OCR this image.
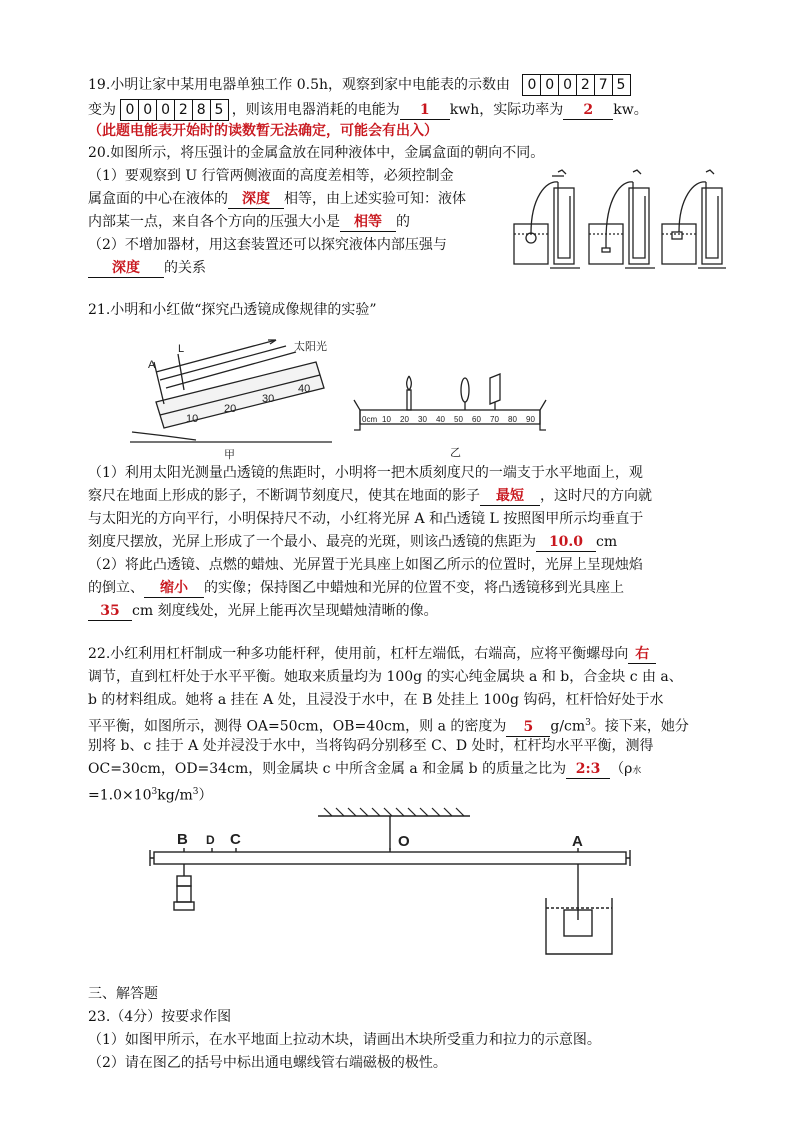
19.小明让家中某用电器单独工作 0.5h，观察到家中电能表的示数由 0 0 0 2 7 5
变为 0 0 0 2 8 5 ，则该用电器消耗的电能为 1 kwh，实际功率为 2 kw。
（此题电能表开始时的读数暂无法确定，可能会有出入）
20.如图所示，将压强计的金属盒放在同种液体中，金属盒面的朝向不同。
（1）要观察到 U 行管两侧液面的高度差相等，必须控制金
属盒面的中心在液体的 深度 相等，由上述实验可知：液体
内部某一点，来自各个方向的压强大小是 相等 的
（2）不增加器材，用这套装置还可以探究液体内部压强与
深度 的关系
21.小明和小红做“探究凸透镜成像规律的实验”
A
L	太阳光
10
20
30
40
甲
0cm 10 20 30 40 50 60 70 80 90
乙
（1）利用太阳光测量凸透镜的焦距时，小明将一把木质刻度尺的一端支于水平地面上，观
察尺在地面上形成的影子，不断调节刻度尺，使其在地面的影子 最短 ，这时尺的方向就
与太阳光的方向平行，小明保持尺不动，小红将光屏 A 和凸透镜 L 按照图甲所示均垂直于
刻度尺摆放，光屏上形成了一个最小、最亮的光斑，则该凸透镜的焦距为 10.0 cm
（2）将此凸透镜、点燃的蜡烛、光屏置于光具座上如图乙所示的位置时，光屏上呈现烛焰
的倒立、 缩小 的实像；保持图乙中蜡烛和光屏的位置不变，将凸透镜移到光具座上
35 cm 刻度线处，光屏上能再次呈现蜡烛清晰的像。
22.小红利用杠杆制成一种多功能杆秤，使用前，杠杆左端低，右端高，应将平衡螺母向 右
调节，直到杠杆处于水平平衡。她取来质量均为 100g 的实心纯金属块 a 和 b，合金块 c 由 a、
b 的材料组成。她将 a 挂在 A 处，且浸没于水中，在 B 处挂上 100g 钩码，杠杆恰好处于水
平平衡，如图所示，测得 OA=50cm，OB=40cm，则 a 的密度为 5 $g/cm^3$。接下来，她分
别将 b、c 挂于 A 处并浸没于水中，当将钩码分别移至 C、D 处时，杠杆均水平平衡，测得
OC=30cm，OD=34cm，则金属块 c 中所含金属 a 和金属 b 的质量之比为 2:3 （ρ水
$=1.0\times 10^3kg/m^3$）
B D C	O	A
三、解答题
23.（4分）按要求作图
（1）如图甲所示，在水平地面上拉动木块，请画出木块所受重力和拉力的示意图。
（2）请在图乙的括号中标出通电螺线管右端磁极的极性。
